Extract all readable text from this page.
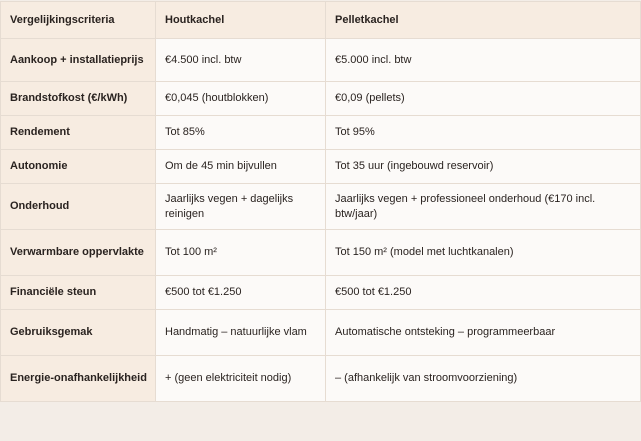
Vergelijkingscriteria	Houtkachel	Pelletkachel
Aankoop + installatieprijs	€4.500 incl. btw	€5.000 incl. btw
Brandstofkost (€/kWh)	€0,045 (houtblokken)	€0,09 (pellets)
Rendement	Tot 85%	Tot 95%
Autonomie	Om de 45 min bijvullen	Tot 35 uur (ingebouwd reservoir)
Onderhoud	Jaarlijks vegen + dagelijks reinigen	Jaarlijks vegen + professioneel onderhoud (€170 incl. btw/jaar)
Verwarmbare oppervlakte	Tot 100 m²	Tot 150 m² (model met luchtkanalen)
Financiële steun	€500 tot €1.250	€500 tot €1.250
Gebruiksgemak	Handmatig – natuurlijke vlam	Automatische ontsteking – programmeerbaar
Energie-onafhankelijkheid	+ (geen elektriciteit nodig)	– (afhankelijk van stroomvoorziening)
